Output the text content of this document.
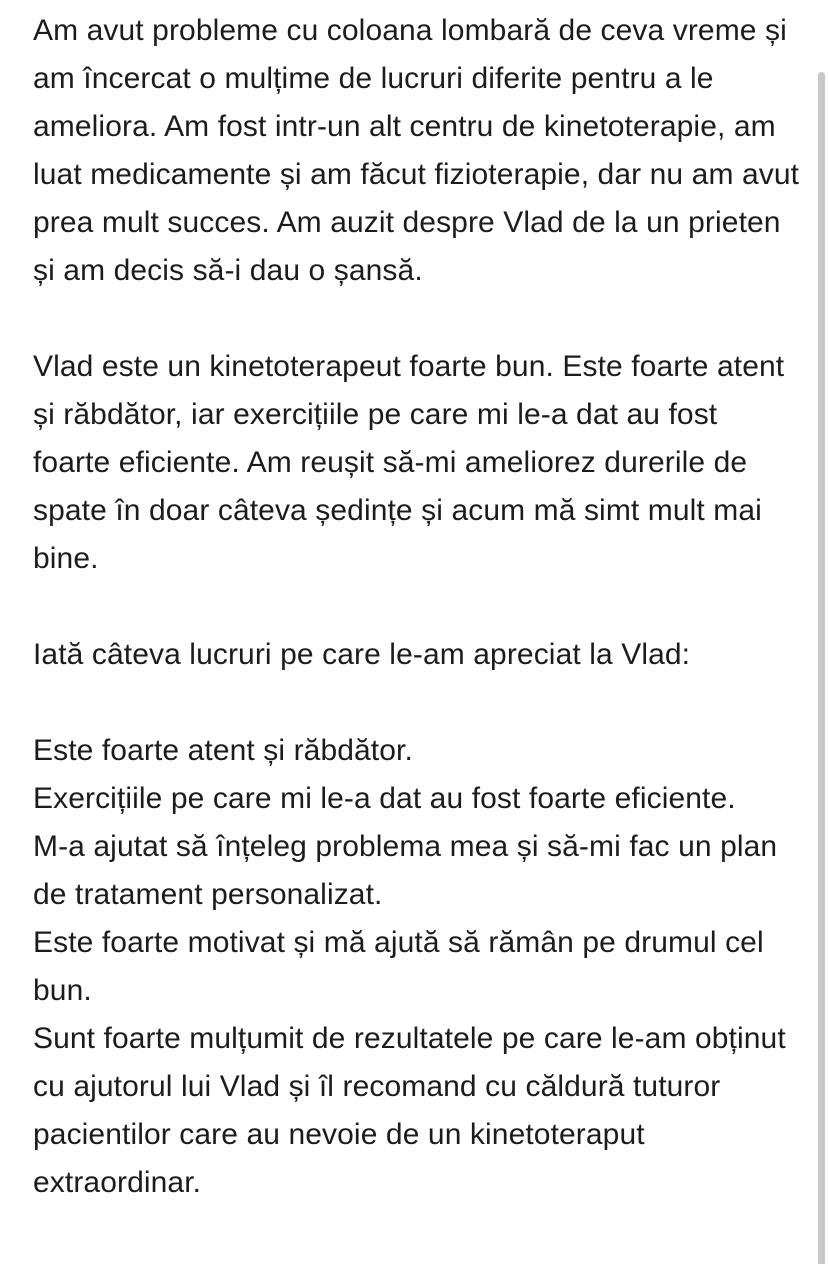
Am avut probleme cu coloana lombară de ceva vreme și am încercat o mulțime de lucruri diferite pentru a le ameliora. Am fost intr-un alt centru de kinetoterapie, am luat medicamente și am făcut fizioterapie, dar nu am avut prea mult succes. Am auzit despre Vlad de la un prieten și am decis să-i dau o șansă.

Vlad este un kinetoterapeut foarte bun. Este foarte atent și răbdător, iar exercițiile pe care mi le-a dat au fost foarte eficiente. Am reușit să-mi ameliorez durerile de spate în doar câteva ședințe și acum mă simt mult mai bine.

Iată câteva lucruri pe care le-am apreciat la Vlad:

Este foarte atent și răbdător.

Exercițiile pe care mi le-a dat au fost foarte eficiente.

M-a ajutat să înțeleg problema mea și să-mi fac un plan de tratament personalizat.

Este foarte motivat și mă ajută să rămân pe drumul cel bun.

Sunt foarte mulțumit de rezultatele pe care le-am obținut cu ajutorul lui Vlad și îl recomand cu căldură tuturor pacientilor care au nevoie de un kinetoteraput extraordinar.
